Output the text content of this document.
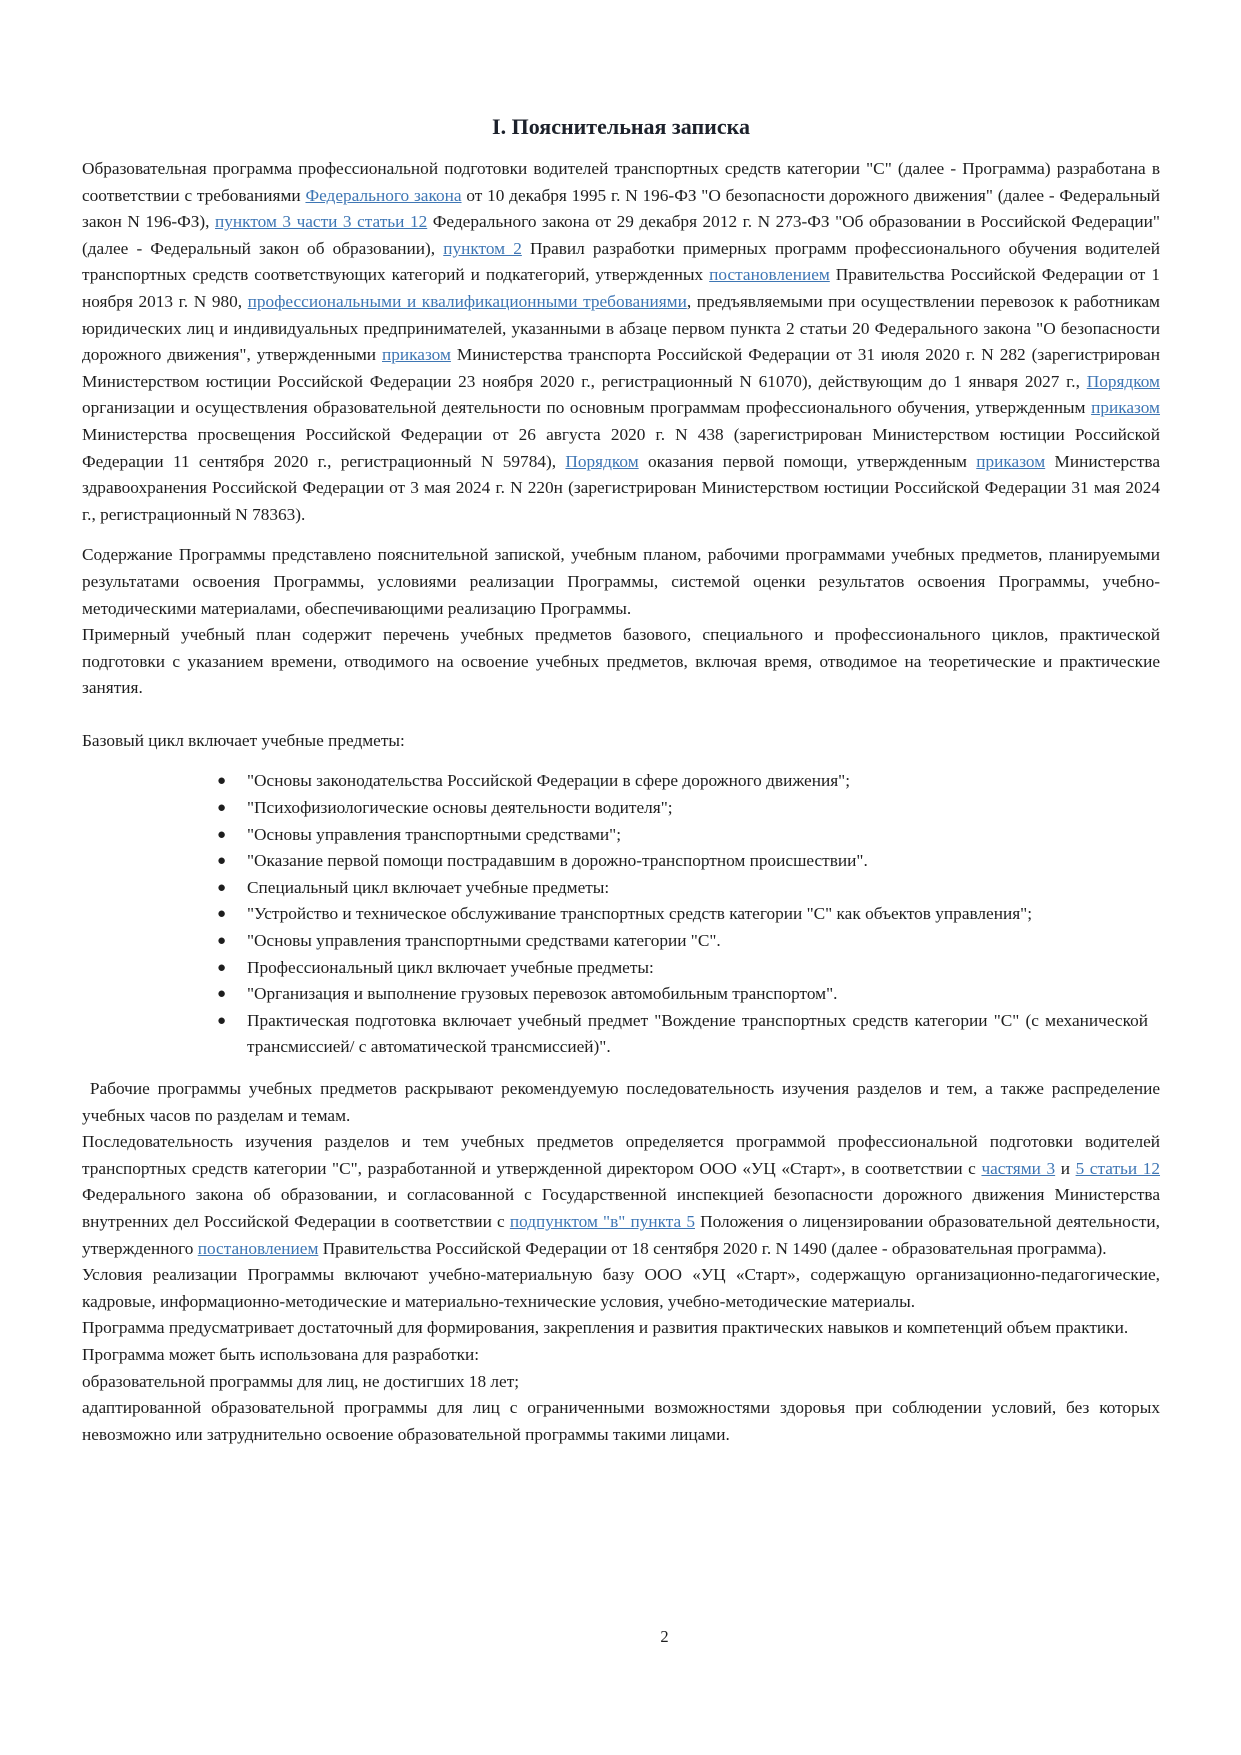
I. Пояснительная записка

Образовательная программа профессиональной подготовки водителей транспортных средств категории "С" (далее - Программа) разработана в соответствии с требованиями Федерального закона от 10 декабря 1995 г. N 196-ФЗ "О безопасности дорожного движения" (далее - Федеральный закон N 196-ФЗ), пунктом 3 части 3 статьи 12 Федерального закона от 29 декабря 2012 г. N 273-ФЗ "Об образовании в Российской Федерации" (далее - Федеральный закон об образовании), пунктом 2 Правил разработки примерных программ профессионального обучения водителей транспортных средств соответствующих категорий и подкатегорий, утвержденных постановлением Правительства Российской Федерации от 1 ноября 2013 г. N 980, профессиональными и квалификационными требованиями, предъявляемыми при осуществлении перевозок к работникам юридических лиц и индивидуальных предпринимателей, указанными в абзаце первом пункта 2 статьи 20 Федерального закона "О безопасности дорожного движения", утвержденными приказом Министерства транспорта Российской Федерации от 31 июля 2020 г. N 282 (зарегистрирован Министерством юстиции Российской Федерации 23 ноября 2020 г., регистрационный N 61070), действующим до 1 января 2027 г., Порядком организации и осуществления образовательной деятельности по основным программам профессионального обучения, утвержденным приказом Министерства просвещения Российской Федерации от 26 августа 2020 г. N 438 (зарегистрирован Министерством юстиции Российской Федерации 11 сентября 2020 г., регистрационный N 59784), Порядком оказания первой помощи, утвержденным приказом Министерства здравоохранения Российской Федерации от 3 мая 2024 г. N 220н (зарегистрирован Министерством юстиции Российской Федерации 31 мая 2024 г., регистрационный N 78363).

Содержание Программы представлено пояснительной запиской, учебным планом, рабочими программами учебных предметов, планируемыми результатами освоения Программы, условиями реализации Программы, системой оценки результатов освоения Программы, учебно-методическими материалами, обеспечивающими реализацию Программы.

Примерный учебный план содержит перечень учебных предметов базового, специального и профессионального циклов, практической подготовки с указанием времени, отводимого на освоение учебных предметов, включая время, отводимое на теоретические и практические занятия.

Базовый цикл включает учебные предметы:

● "Основы законодательства Российской Федерации в сфере дорожного движения";
● "Психофизиологические основы деятельности водителя";
● "Основы управления транспортными средствами";
● "Оказание первой помощи пострадавшим в дорожно-транспортном происшествии".
● Специальный цикл включает учебные предметы:
● "Устройство и техническое обслуживание транспортных средств категории "С" как объектов управления";
● "Основы управления транспортными средствами категории "С".
● Профессиональный цикл включает учебные предметы:
● "Организация и выполнение грузовых перевозок автомобильным транспортом".
● Практическая подготовка включает учебный предмет "Вождение транспортных средств категории "С" (с механической трансмиссией/ с автоматической трансмиссией)".

Рабочие программы учебных предметов раскрывают рекомендуемую последовательность изучения разделов и тем, а также распределение учебных часов по разделам и темам.

Последовательность изучения разделов и тем учебных предметов определяется программой профессиональной подготовки водителей транспортных средств категории "С", разработанной и утвержденной директором ООО «УЦ «Старт», в соответствии с частями 3 и 5 статьи 12 Федерального закона об образовании, и согласованной с Государственной инспекцией безопасности дорожного движения Министерства внутренних дел Российской Федерации в соответствии с подпунктом "в" пункта 5 Положения о лицензировании образовательной деятельности, утвержденного постановлением Правительства Российской Федерации от 18 сентября 2020 г. N 1490 (далее - образовательная программа).

Условия реализации Программы включают учебно-материальную базу ООО «УЦ «Старт», содержащую организационно-педагогические, кадровые, информационно-методические и материально-технические условия, учебно-методические материалы.

Программа предусматривает достаточный для формирования, закрепления и развития практических навыков и компетенций объем практики.

Программа может быть использована для разработки:

образовательной программы для лиц, не достигших 18 лет;

адаптированной образовательной программы для лиц с ограниченными возможностями здоровья при соблюдении условий, без которых невозможно или затруднительно освоение образовательной программы такими лицами.

2
